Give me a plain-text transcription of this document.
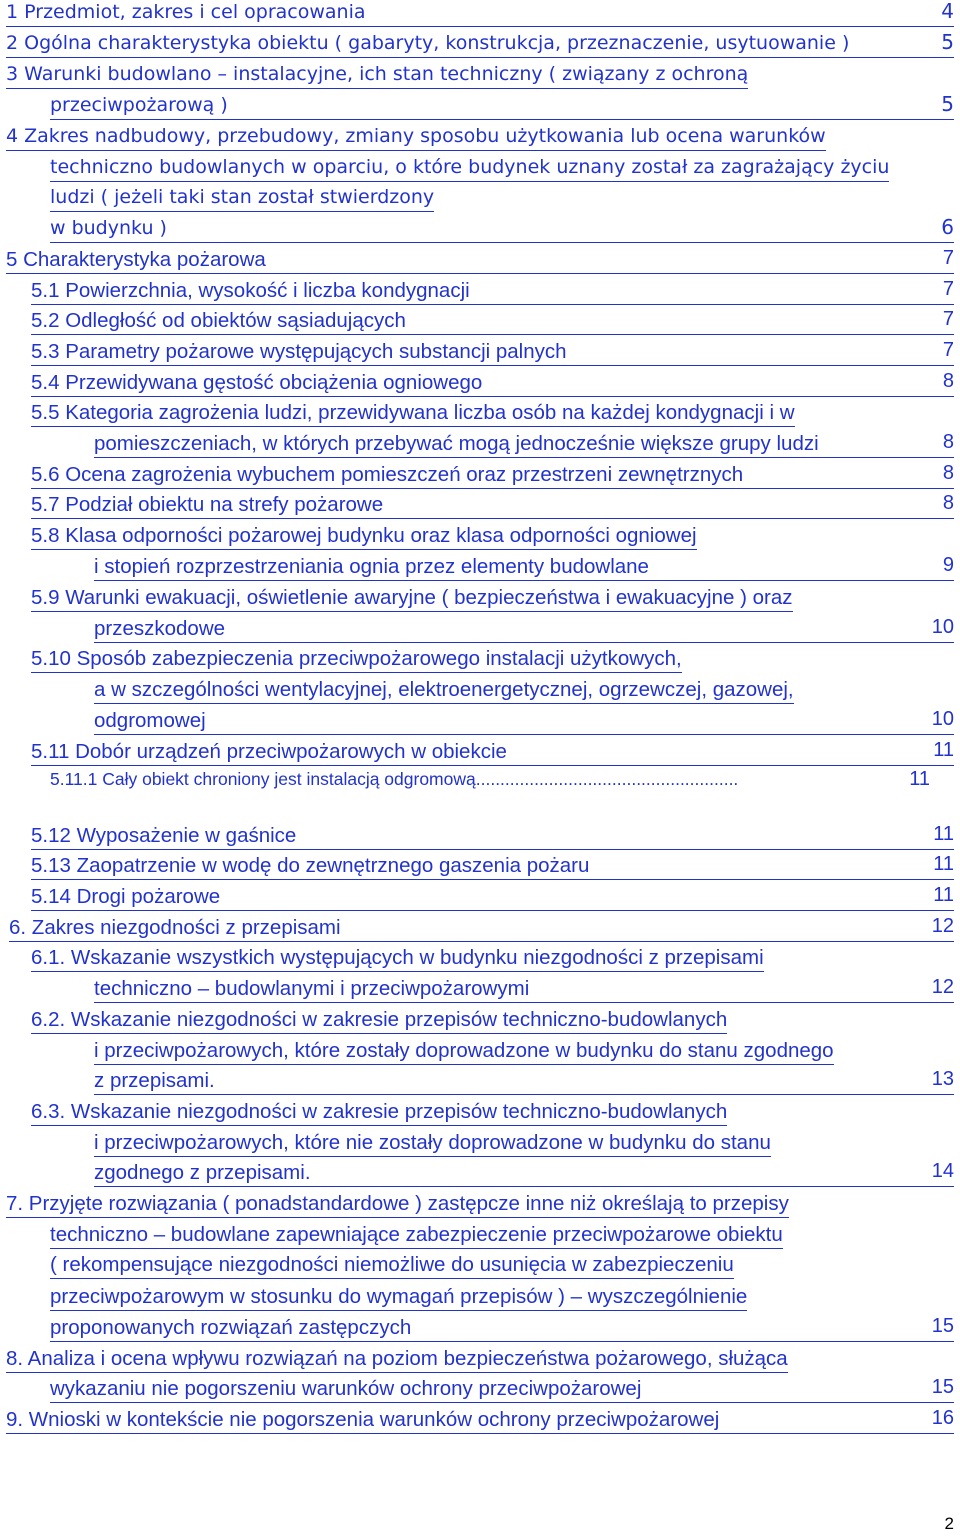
1 Przedmiot, zakres i cel opracowania	4
2 Ogólna charakterystyka obiektu ( gabaryty, konstrukcja, przeznaczenie, usytuowanie )	5
3 Warunki budowlano – instalacyjne, ich stan techniczny ( związany z ochroną
przeciwpożarową )	5
4 Zakres nadbudowy, przebudowy, zmiany sposobu użytkowania lub ocena warunków
techniczno budowlanych w oparciu, o które budynek uznany został za zagrażający życiu
ludzi ( jeżeli taki stan został stwierdzony
w budynku )	6
5 Charakterystyka pożarowa	7
5.1 Powierzchnia, wysokość i liczba kondygnacji	7
5.2 Odległość od obiektów sąsiadujących	7
5.3 Parametry pożarowe występujących substancji palnych	7
5.4 Przewidywana gęstość obciążenia ogniowego	8
5.5 Kategoria zagrożenia ludzi, przewidywana liczba osób na każdej kondygnacji i w
pomieszczeniach, w których przebywać mogą jednocześnie większe grupy ludzi	8
5.6 Ocena zagrożenia wybuchem pomieszczeń oraz przestrzeni zewnętrznych	8
5.7 Podział obiektu na strefy pożarowe	8
5.8 Klasa odporności pożarowej budynku oraz klasa odporności ogniowej
i stopień rozprzestrzeniania ognia przez elementy budowlane	9
5.9 Warunki ewakuacji, oświetlenie awaryjne ( bezpieczeństwa i ewakuacyjne ) oraz
przeszkodowe	10
5.10 Sposób zabezpieczenia przeciwpożarowego instalacji użytkowych,
a w szczególności wentylacyjnej, elektroenergetycznej, ogrzewczej, gazowej,
odgromowej	10
5.11 Dobór urządzeń przeciwpożarowych w obiekcie	11
5.11.1 Cały obiekt chroniony jest instalacją odgromową......................................................	11
5.12 Wyposażenie w gaśnice	11
5.13 Zaopatrzenie w wodę do zewnętrznego gaszenia pożaru	11
5.14 Drogi pożarowe	11
6. Zakres niezgodności z przepisami	12
6.1. Wskazanie wszystkich występujących w budynku niezgodności z przepisami
techniczno – budowlanymi i przeciwpożarowymi	12
6.2. Wskazanie niezgodności w zakresie przepisów techniczno-budowlanych
i przeciwpożarowych, które zostały doprowadzone w budynku do stanu zgodnego
z przepisami.	13
6.3. Wskazanie niezgodności w zakresie przepisów techniczno-budowlanych
i przeciwpożarowych, które nie zostały doprowadzone w budynku do stanu
zgodnego z przepisami.	14
7. Przyjęte rozwiązania ( ponadstandardowe ) zastępcze inne niż określają to przepisy
techniczno – budowlane zapewniające zabezpieczenie przeciwpożarowe obiektu
( rekompensujące niezgodności niemożliwe do usunięcia w zabezpieczeniu
przeciwpożarowym w stosunku do wymagań przepisów ) – wyszczególnienie
proponowanych rozwiązań zastępczych	15
8. Analiza i ocena wpływu rozwiązań na poziom bezpieczeństwa pożarowego, służąca
wykazaniu nie pogorszeniu warunków ochrony przeciwpożarowej	15
9. Wnioski w kontekście nie pogorszenia warunków ochrony przeciwpożarowej	16
2
